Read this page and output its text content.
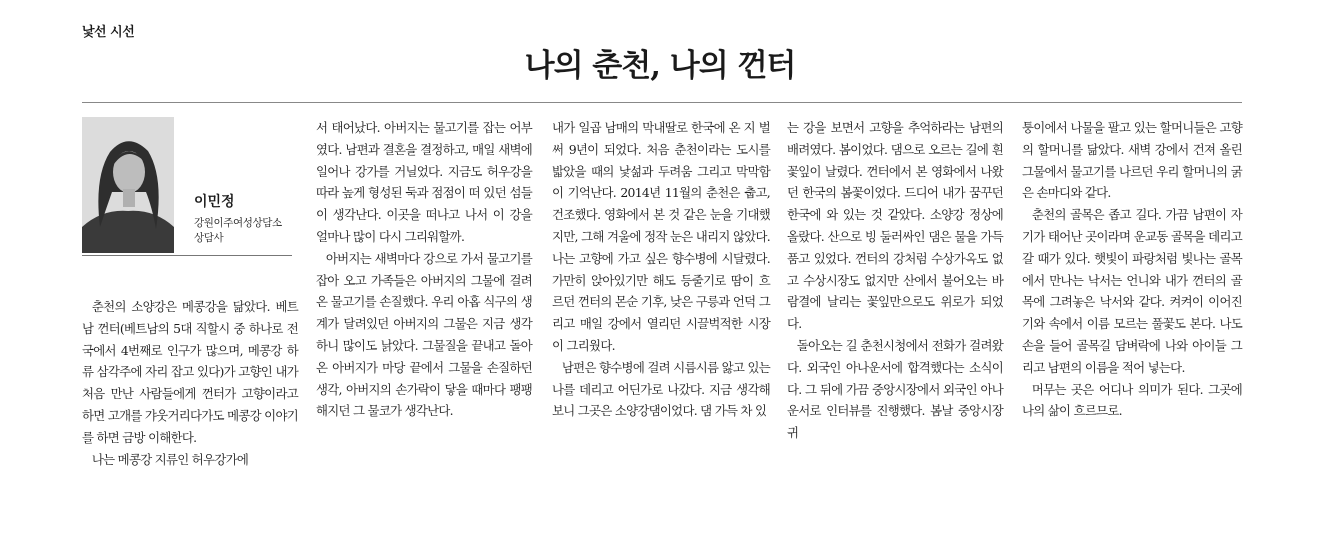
낯선 시선
나의 춘천, 나의 껀터
이민정
강원이주여성상담소
상담사

춘천의 소양강은 메콩강을 닮았다. 베트남 껀터(베트남의 5대 직할시 중 하나로 전국에서 4번째로 인구가 많으며, 메콩강 하류 삼각주에 자리 잡고 있다)가 고향인 내가 처음 만난 사람들에게 껀터가 고향이라고 하면 고개를 갸웃거리다가도 메콩강 이야기를 하면 금방 이해한다.

나는 메콩강 지류인 허우강가에

서 태어났다. 아버지는 물고기를 잡는 어부였다. 남편과 결혼을 결정하고, 매일 새벽에 일어나 강가를 거닐었다. 지금도 허우강을 따라 높게 형성된 둑과 점점이 떠 있던 섬들이 생각난다. 이곳을 떠나고 나서 이 강을 얼마나 많이 다시 그리워할까.

아버지는 새벽마다 강으로 가서 물고기를 잡아 오고 가족들은 아버지의 그물에 걸려온 물고기를 손질했다. 우리 아홉 식구의 생계가 달려있던 아버지의 그물은 지금 생각하니 많이도 낡았다. 그물질을 끝내고 돌아온 아버지가 마당 끝에서 그물을 손질하던 생각, 아버지의 손가락이 닿을 때마다 팽팽해지던 그 물코가 생각난다.

내가 일곱 남매의 막내딸로 한국에 온 지 벌써 9년이 되었다. 처음 춘천이라는 도시를 밟았을 때의 낯섦과 두려움 그리고 막막함이 기억난다. 2014년 11월의 춘천은 춥고, 건조했다. 영화에서 본 것 같은 눈을 기대했지만, 그해 겨울에 정작 눈은 내리지 않았다. 나는 고향에 가고 싶은 향수병에 시달렸다. 가만히 앉아있기만 해도 등줄기로 땀이 흐르던 껀터의 몬순 기후, 낮은 구릉과 언덕 그리고 매일 강에서 열리던 시끌벅적한 시장이 그리웠다.

남편은 향수병에 걸려 시름시름 앓고 있는 나를 데리고 어딘가로 나갔다. 지금 생각해 보니 그곳은 소양강댐이었다. 댐 가득 차 있

는 강을 보면서 고향을 추억하라는 남편의 배려였다. 봄이었다. 댐으로 오르는 길에 흰 꽃잎이 날렸다. 껀터에서 본 영화에서 나왔던 한국의 봄꽃이었다. 드디어 내가 꿈꾸던 한국에 와 있는 것 같았다. 소양강 정상에 올랐다. 산으로 빙 둘러싸인 댐은 물을 가득 품고 있었다. 껀터의 강처럼 수상가옥도 없고 수상시장도 없지만 산에서 불어오는 바람결에 날리는 꽃잎만으로도 위로가 되었다.

돌아오는 길 춘천시청에서 전화가 걸려왔다. 외국인 아나운서에 합격했다는 소식이다. 그 뒤에 가끔 중앙시장에서 외국인 아나운서로 인터뷰를 진행했다. 봄날 중앙시장 귀

퉁이에서 나물을 팔고 있는 할머니들은 고향의 할머니를 닮았다. 새벽 강에서 건져 올린 그물에서 물고기를 나르던 우리 할머니의 굵은 손마디와 같다.

춘천의 골목은 좁고 길다. 가끔 남편이 자기가 태어난 곳이라며 운교동 골목을 데리고 갈 때가 있다. 햇빛이 파랑처럼 빛나는 골목에서 만나는 낙서는 언니와 내가 껀터의 골목에 그려놓은 낙서와 같다. 켜켜이 이어진 기와 속에서 이름 모르는 풀꽃도 본다. 나도 손을 들어 골목길 담벼락에 나와 아이들 그리고 남편의 이름을 적어 넣는다.

머무는 곳은 어디나 의미가 된다. 그곳에 나의 삶이 흐르므로.
